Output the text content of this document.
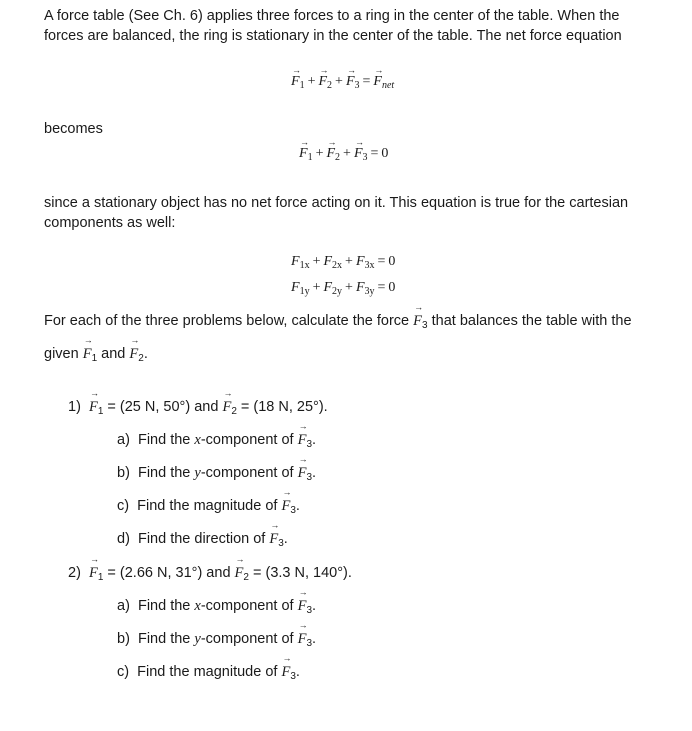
A force table (See Ch. 6) applies three forces to a ring in the center of the table. When the

forces are balanced, the ring is stationary in the center of the table. The net force equation

F
→
$_1$ + F
→
$_2$ + F
→
$_3$ = F
→
$_{net}$

becomes

F
→
$_1$ + F
→
$_2$ + F
→
$_3$ = 0

since a stationary object has no net force acting on it. This equation is true for the cartesian

components as well:

$F_{1x} + F_{2x} + F_{3x} = 0$
$F_{1y} + F_{2y} + F_{3y} = 0$
For each of the three problems below, calculate the force F
→
$_3$ that balances the table with the
given F
→
$_1$ and F
→
$_2$.
1) F
→
$_1$ = (25 N, 50°) and F
→
$_2$ = (18 N, 25°).
a) Find the x-component of F
→
$_3$.
b) Find the y-component of F
→
$_3$.
c) Find the magnitude of F
→
$_3$.
d) Find the direction of F
→
$_3$.
2) F
→
$_1$ = (2.66 N, 31°) and F
→
$_2$ = (3.3 N, 140°).
a) Find the x-component of F
→
$_3$.
b) Find the y-component of F
→
$_3$.
c) Find the magnitude of F
→
$_3$.
